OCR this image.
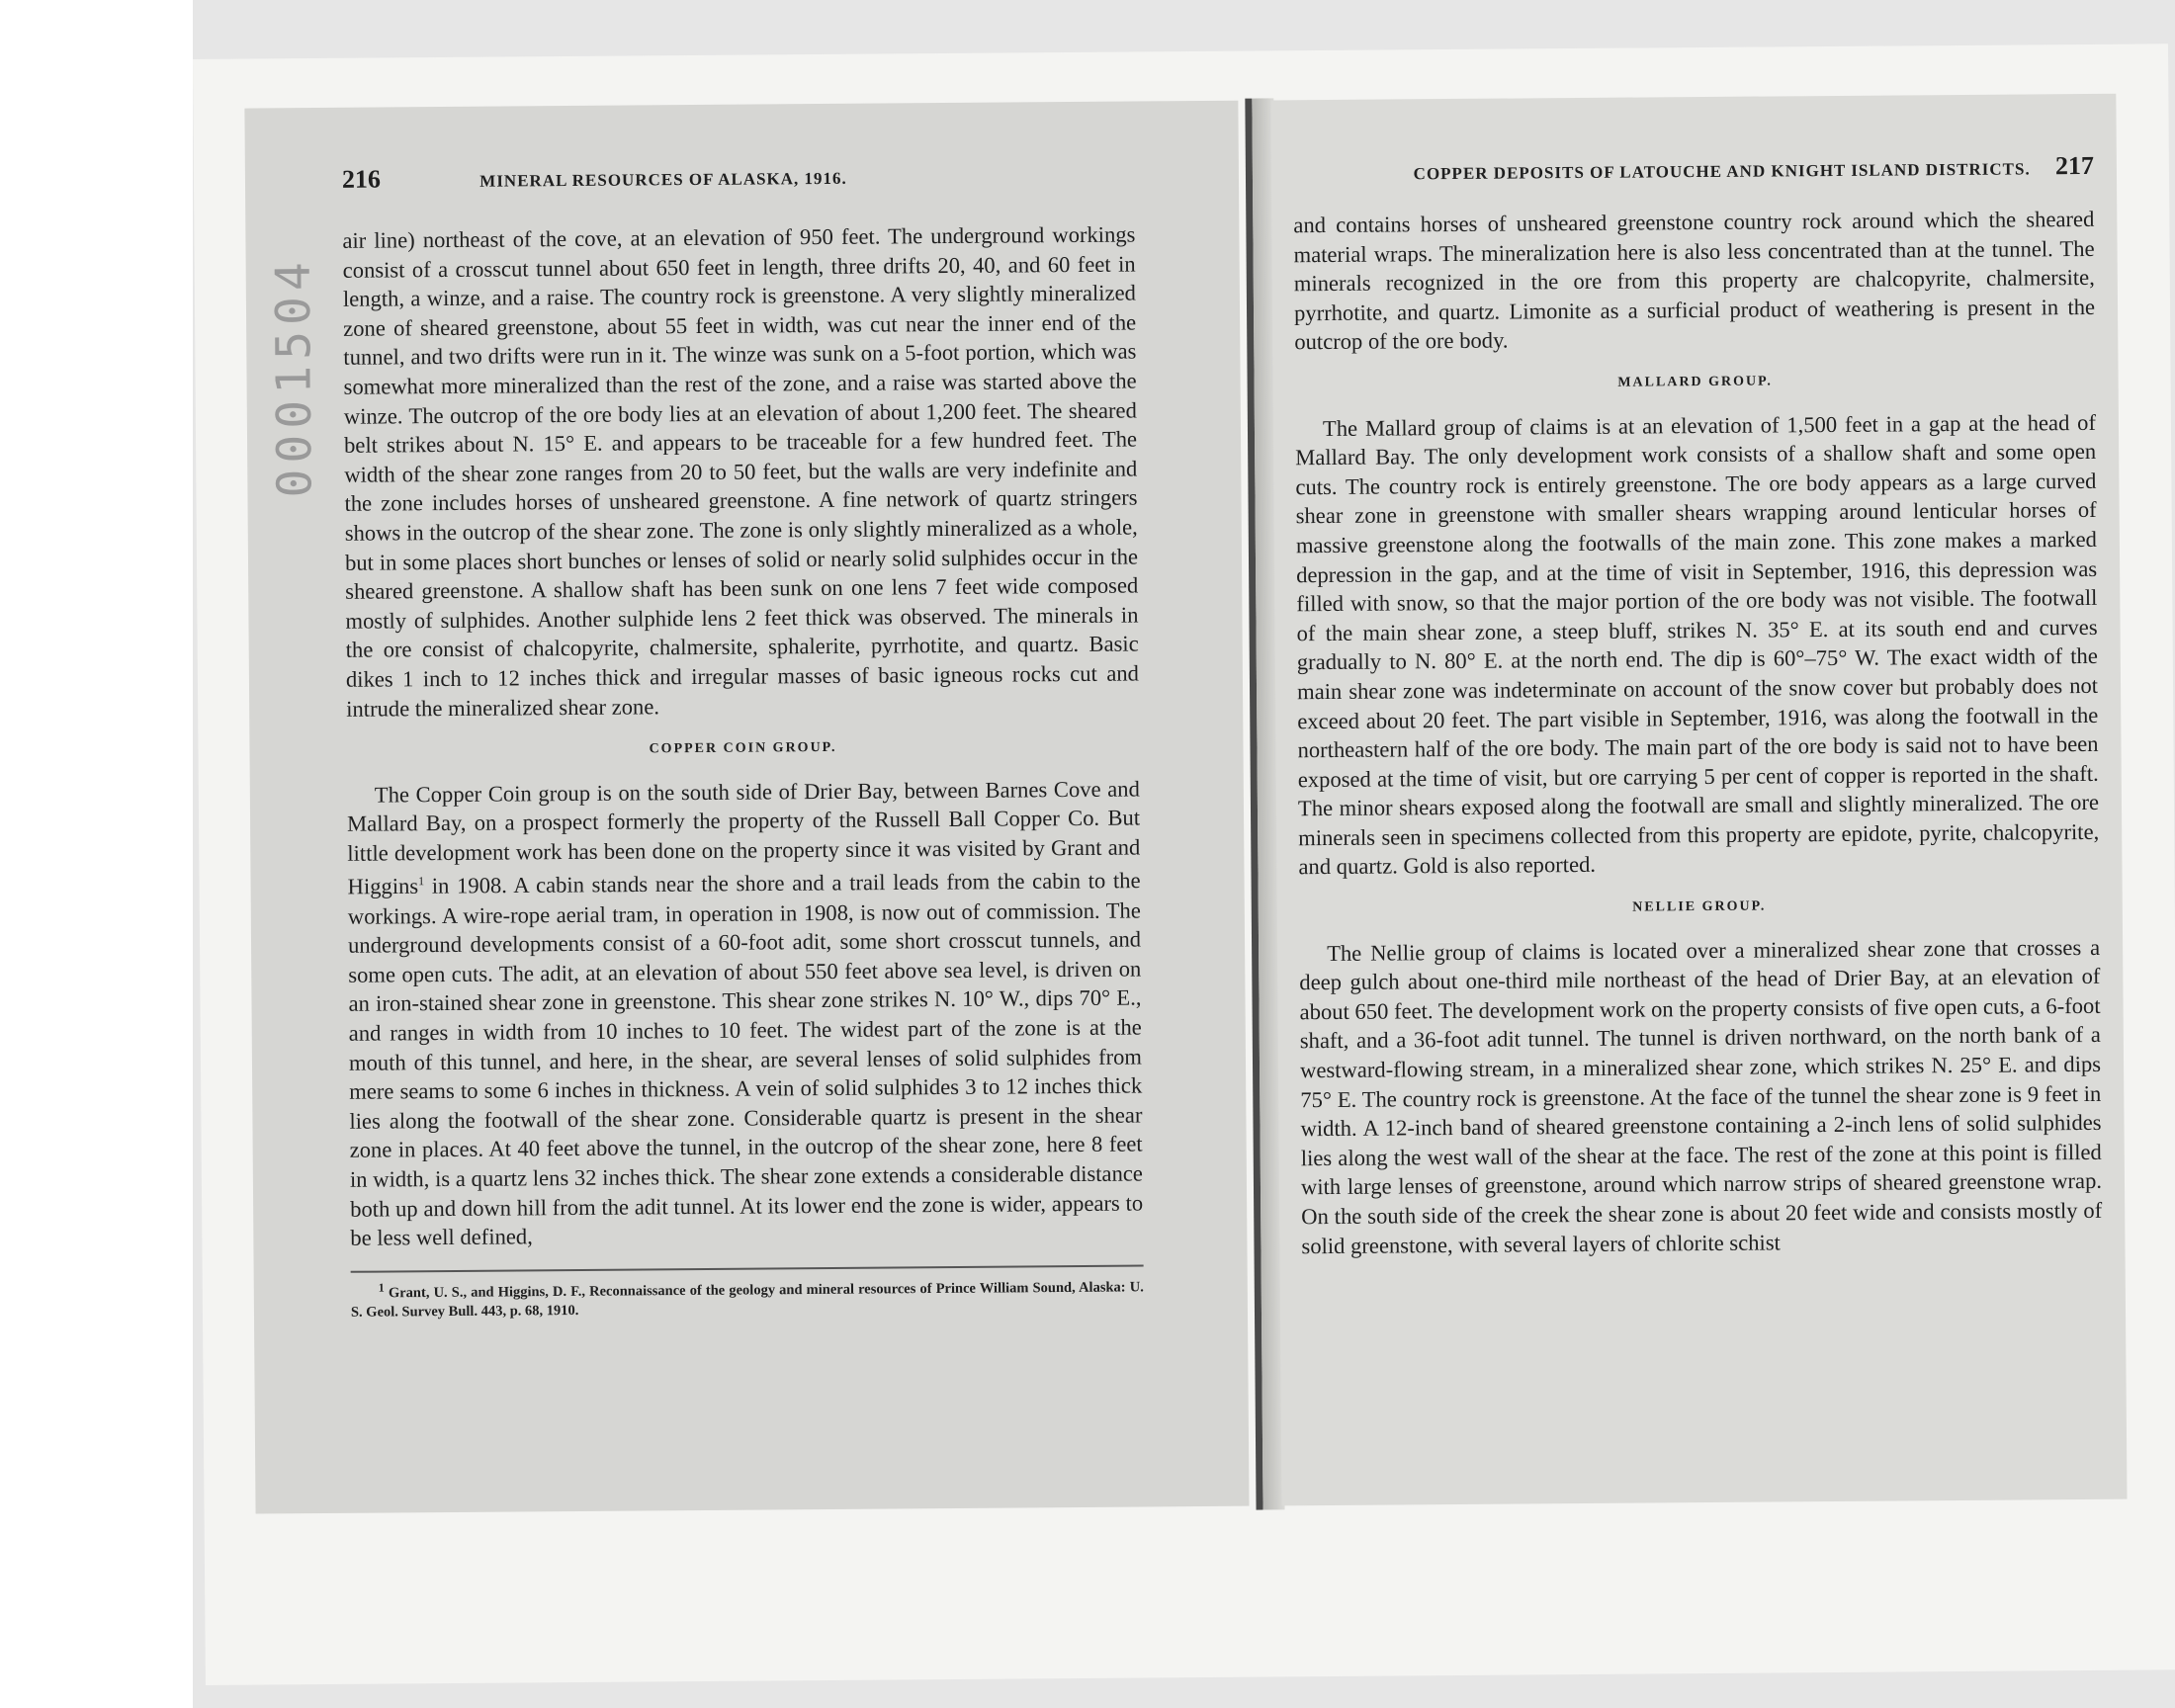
0001504
216	MINERAL RESOURCES OF ALASKA, 1916.

air line) northeast of the cove, at an elevation of 950 feet. The underground workings consist of a crosscut tunnel about 650 feet in length, three drifts 20, 40, and 60 feet in length, a winze, and a raise. The country rock is greenstone. A very slightly mineralized zone of sheared greenstone, about 55 feet in width, was cut near the inner end of the tunnel, and two drifts were run in it. The winze was sunk on a 5-foot portion, which was somewhat more mineralized than the rest of the zone, and a raise was started above the winze. The outcrop of the ore body lies at an elevation of about 1,200 feet. The sheared belt strikes about N. 15° E. and appears to be traceable for a few hundred feet. The width of the shear zone ranges from 20 to 50 feet, but the walls are very indefinite and the zone includes horses of unsheared greenstone. A fine network of quartz stringers shows in the outcrop of the shear zone. The zone is only slightly mineralized as a whole, but in some places short bunches or lenses of solid or nearly solid sulphides occur in the sheared greenstone. A shallow shaft has been sunk on one lens 7 feet wide composed mostly of sulphides. Another sulphide lens 2 feet thick was observed. The minerals in the ore consist of chalcopyrite, chalmersite, sphalerite, pyrrhotite, and quartz. Basic dikes 1 inch to 12 inches thick and irregular masses of basic igneous rocks cut and intrude the mineralized shear zone.

COPPER COIN GROUP.

The Copper Coin group is on the south side of Drier Bay, between Barnes Cove and Mallard Bay, on a prospect formerly the property of the Russell Ball Copper Co. But little development work has been done on the property since it was visited by Grant and Higgins$^1$ in 1908. A cabin stands near the shore and a trail leads from the cabin to the workings. A wire-rope aerial tram, in operation in 1908, is now out of commission. The underground developments consist of a 60-foot adit, some short crosscut tunnels, and some open cuts. The adit, at an elevation of about 550 feet above sea level, is driven on an iron-stained shear zone in greenstone. This shear zone strikes N. 10° W., dips 70° E., and ranges in width from 10 inches to 10 feet. The widest part of the zone is at the mouth of this tunnel, and here, in the shear, are several lenses of solid sulphides from mere seams to some 6 inches in thickness. A vein of solid sulphides 3 to 12 inches thick lies along the footwall of the shear zone. Considerable quartz is present in the shear zone in places. At 40 feet above the tunnel, in the outcrop of the shear zone, here 8 feet in width, is a quartz lens 32 inches thick. The shear zone extends a considerable distance both up and down hill from the adit tunnel. At its lower end the zone is wider, appears to be less well defined,

$^1$ Grant, U. S., and Higgins, D. F., Reconnaissance of the geology and mineral resources of Prince William Sound, Alaska: U. S. Geol. Survey Bull. 443, p. 68, 1910.

COPPER DEPOSITS OF LATOUCHE AND KNIGHT ISLAND DISTRICTS. 217

and contains horses of unsheared greenstone country rock around which the sheared material wraps. The mineralization here is also less concentrated than at the tunnel. The minerals recognized in the ore from this property are chalcopyrite, chalmersite, pyrrhotite, and quartz. Limonite as a surficial product of weathering is present in the outcrop of the ore body.

MALLARD GROUP.

The Mallard group of claims is at an elevation of 1,500 feet in a gap at the head of Mallard Bay. The only development work consists of a shallow shaft and some open cuts. The country rock is entirely greenstone. The ore body appears as a large curved shear zone in greenstone with smaller shears wrapping around lenticular horses of massive greenstone along the footwalls of the main zone. This zone makes a marked depression in the gap, and at the time of visit in September, 1916, this depression was filled with snow, so that the major portion of the ore body was not visible. The footwall of the main shear zone, a steep bluff, strikes N. 35° E. at its south end and curves gradually to N. 80° E. at the north end. The dip is 60°–75° W. The exact width of the main shear zone was indeterminate on account of the snow cover but probably does not exceed about 20 feet. The part visible in September, 1916, was along the footwall in the northeastern half of the ore body. The main part of the ore body is said not to have been exposed at the time of visit, but ore carrying 5 per cent of copper is reported in the shaft. The minor shears exposed along the footwall are small and slightly mineralized. The ore minerals seen in specimens collected from this property are epidote, pyrite, chalcopyrite, and quartz. Gold is also reported.

NELLIE GROUP.

The Nellie group of claims is located over a mineralized shear zone that crosses a deep gulch about one-third mile northeast of the head of Drier Bay, at an elevation of about 650 feet. The development work on the property consists of five open cuts, a 6-foot shaft, and a 36-foot adit tunnel. The tunnel is driven northward, on the north bank of a westward-flowing stream, in a mineralized shear zone, which strikes N. 25° E. and dips 75° E. The country rock is greenstone. At the face of the tunnel the shear zone is 9 feet in width. A 12-inch band of sheared greenstone containing a 2-inch lens of solid sulphides lies along the west wall of the shear at the face. The rest of the zone at this point is filled with large lenses of greenstone, around which narrow strips of sheared greenstone wrap. On the south side of the creek the shear zone is about 20 feet wide and consists mostly of solid greenstone, with several layers of chlorite schist
